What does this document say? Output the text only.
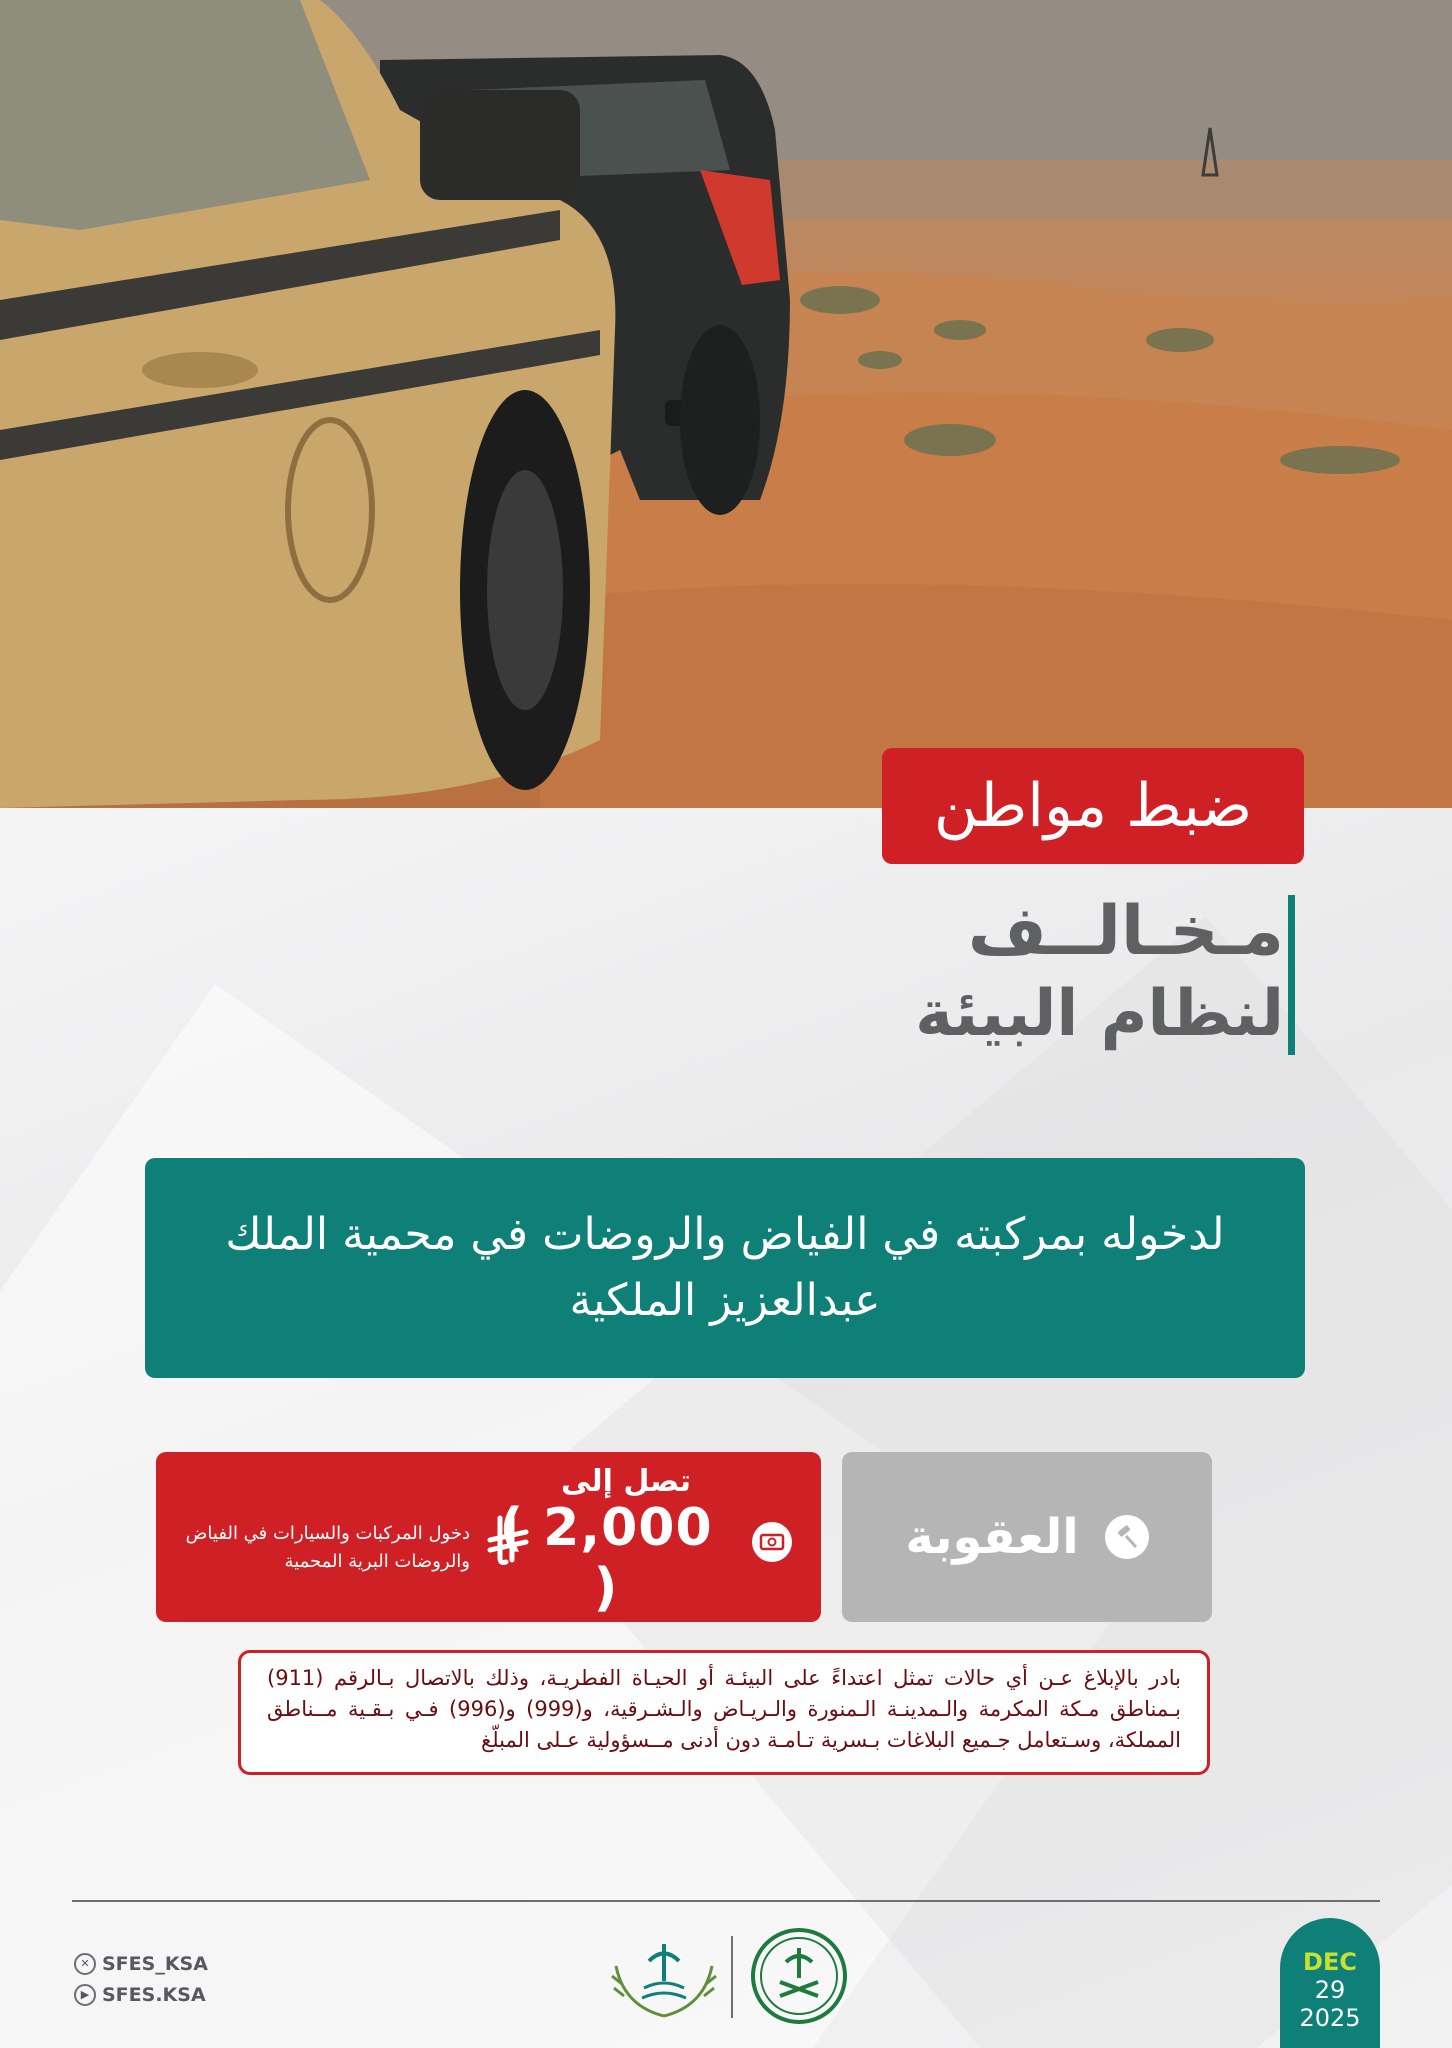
ضبط مواطن
مـخـالــف
لنظام البيئة
لدخوله بمركبته في الفياض والروضات في محمية الملك عبدالعزيز الملكية
العقوبة
تصل إلى
( 2,000 )
دخول المركبات والسيارات في الفياض والروضات البرية المحمية

بادر بالإبلاغ عـن أي حالات تمثل اعتداءً على البيئـة أو الحيـاة الفطريـة، وذلك بالاتصال بـالرقم (911) بـمناطق مـكة المكرمة والـمدينـة الـمنورة والـريـاض والـشـرقية، و(999) و(996) فـي بـقـية مــناطق المملكة، وسـتعامل جـميع البلاغات بـسرية تـامـة دون أدنى مــسؤولية عـلى المبلّغ

✕ SFES_KSA
▶ SFES.KSA
DEC
29
2025
